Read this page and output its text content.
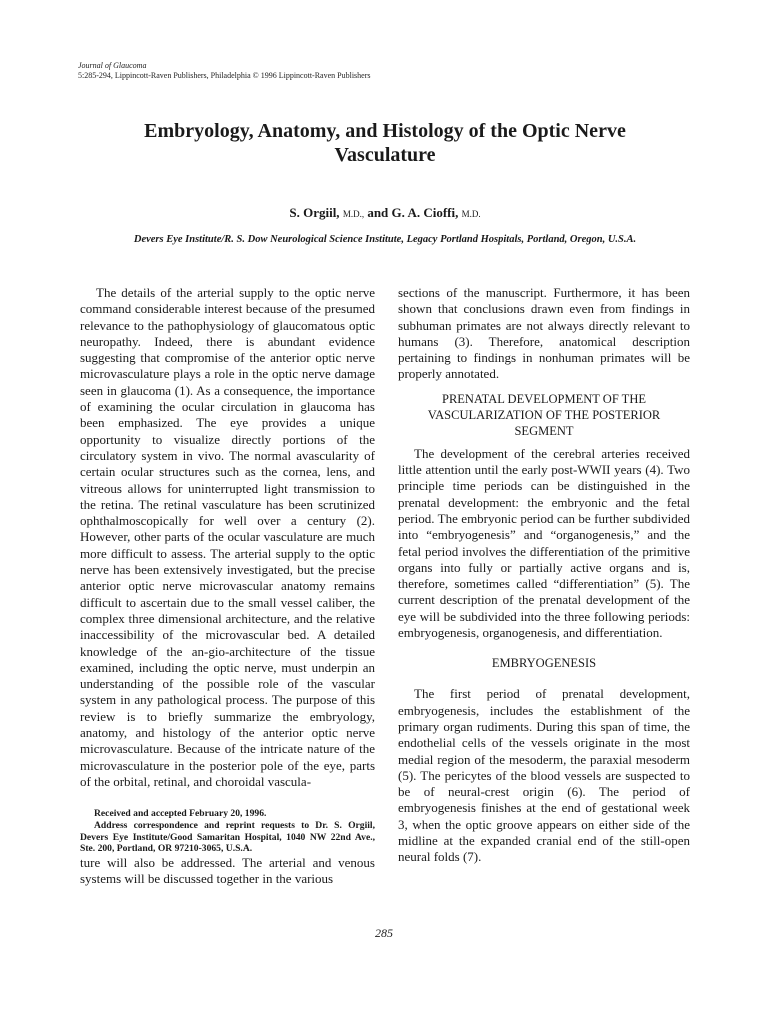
Journal of Glaucoma
5:285-294, Lippincott-Raven Publishers, Philadelphia © 1996 Lippincott-Raven Publishers
Embryology, Anatomy, and Histology of the Optic Nerve Vasculature
S. Orgiil, M.D., and G. A. Cioffi, M.D.
Devers Eye Institute/R. S. Dow Neurological Science Institute, Legacy Portland Hospitals, Portland, Oregon, U.S.A.

The details of the arterial supply to the optic nerve command considerable interest because of the presumed relevance to the pathophysiology of glaucomatous optic neuropathy. Indeed, there is abundant evidence suggesting that compromise of the anterior optic nerve microvasculature plays a role in the optic nerve damage seen in glaucoma (1). As a consequence, the importance of examining the ocular circulation in glaucoma has been emphasized. The eye provides a unique opportunity to visualize directly portions of the circulatory system in vivo. The normal avascularity of certain ocular structures such as the cornea, lens, and vitreous allows for uninterrupted light transmission to the retina. The retinal vasculature has been scrutinized ophthalmoscopically for well over a century (2). However, other parts of the ocular vasculature are much more difficult to assess. The arterial supply to the optic nerve has been extensively investigated, but the precise anterior optic nerve microvascular anatomy remains difficult to ascertain due to the small vessel caliber, the complex three dimensional architecture, and the relative inaccessibility of the microvascular bed. A detailed knowledge of the an-gio-architecture of the tissue examined, including the optic nerve, must underpin an understanding of the possible role of the vascular system in any pathological process. The purpose of this review is to briefly summarize the embryology, anatomy, and histology of the anterior optic nerve microvasculature. Because of the intricate nature of the microvasculature in the posterior pole of the eye, parts of the orbital, retinal, and choroidal vascula-

Received and accepted February 20, 1996.

Address correspondence and reprint requests to Dr. S. Orgiil, Devers Eye Institute/Good Samaritan Hospital, 1040 NW 22nd Ave., Ste. 200, Portland, OR 97210-3065, U.S.A.

ture will also be addressed. The arterial and venous systems will be discussed together in the various

sections of the manuscript. Furthermore, it has been shown that conclusions drawn even from findings in subhuman primates are not always directly relevant to humans (3). Therefore, anatomical description pertaining to findings in nonhuman primates will be properly annotated.

PRENATAL DEVELOPMENT OF THE VASCULARIZATION OF THE POSTERIOR SEGMENT

The development of the cerebral arteries received little attention until the early post-WWII years (4). Two principle time periods can be distinguished in the prenatal development: the embryonic and the fetal period. The embryonic period can be further subdivided into “embryogenesis” and “organogenesis,” and the fetal period involves the differentiation of the primitive organs into fully or partially active organs and is, therefore, sometimes called “differentiation” (5). The current description of the prenatal development of the eye will be subdivided into the three following periods: embryogenesis, organogenesis, and differentiation.

EMBRYOGENESIS

The first period of prenatal development, embryogenesis, includes the establishment of the primary organ rudiments. During this span of time, the endothelial cells of the vessels originate in the most medial region of the mesoderm, the paraxial mesoderm (5). The pericytes of the blood vessels are suspected to be of neural-crest origin (6). The period of embryogenesis finishes at the end of gestational week 3, when the optic groove appears on either side of the midline at the expanded cranial end of the still-open neural folds (7).

285
